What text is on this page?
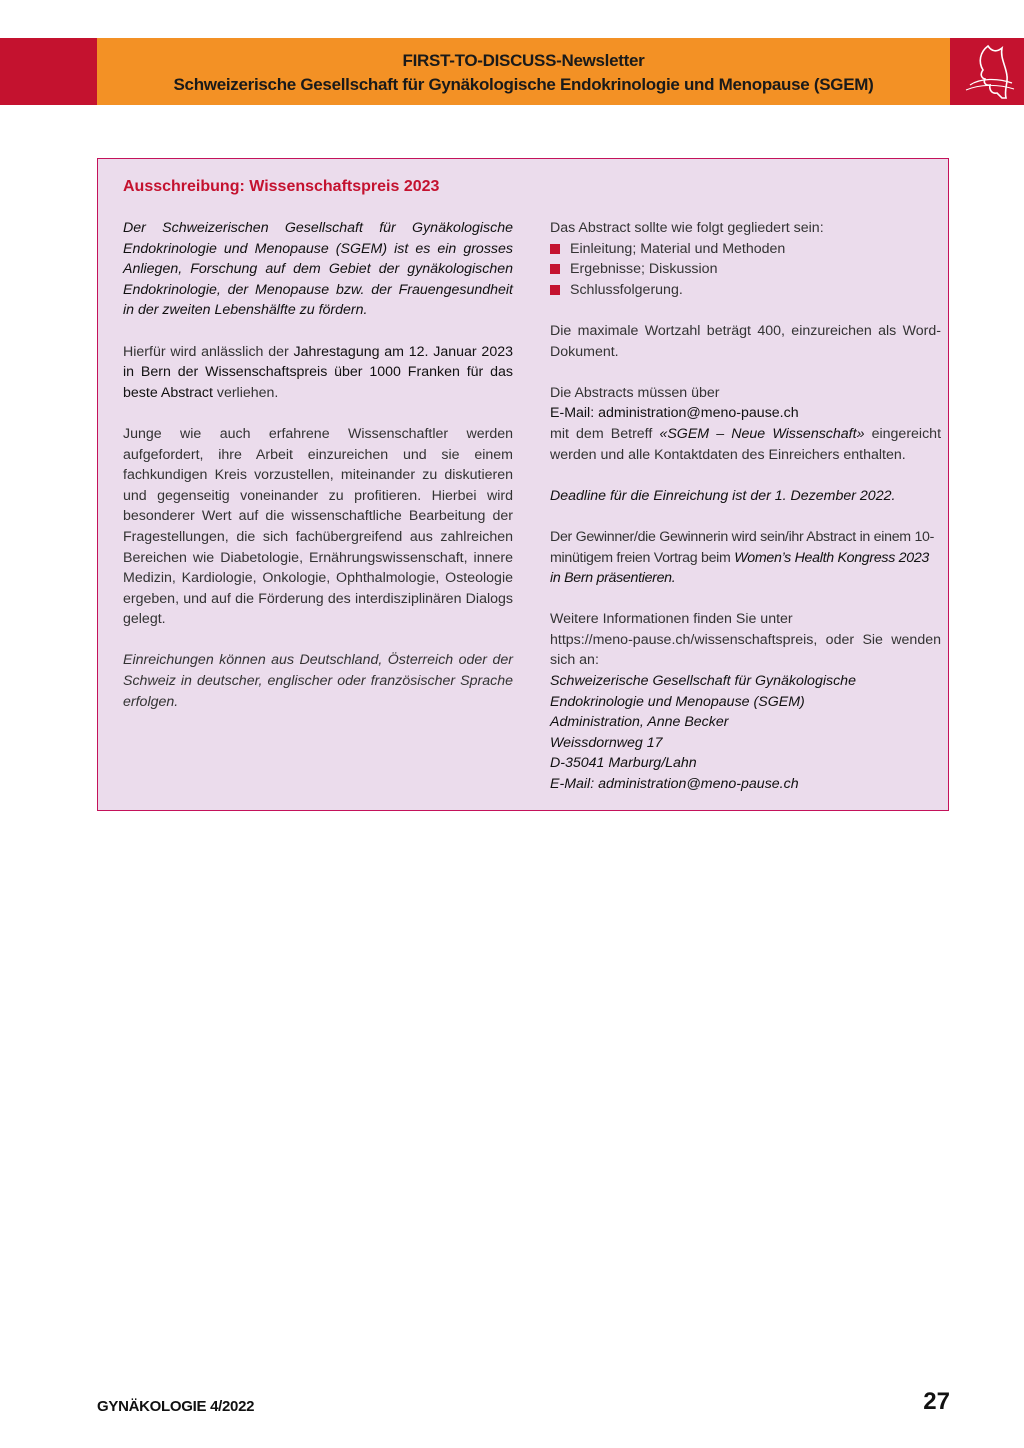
FIRST-TO-DISCUSS-Newsletter
Schweizerische Gesellschaft für Gynäkologische Endokrinologie und Menopause (SGEM)
Ausschreibung: Wissenschaftspreis 2023

Der Schweizerischen Gesellschaft für Gynäkologische Endokrinologie und Menopause (SGEM) ist es ein grosses Anliegen, Forschung auf dem Gebiet der gynäkologischen Endokrinologie, der Menopause bzw. der Frauengesundheit in der zweiten Lebenshälfte zu fördern.

Hierfür wird anlässlich der Jahrestagung am 12. Januar 2023 in Bern der Wissenschaftspreis über 1000 Franken für das beste Abstract verliehen.

Junge wie auch erfahrene Wissenschaftler werden aufgefordert, ihre Arbeit einzureichen und sie einem fachkundigen Kreis vorzustellen, miteinander zu diskutieren und gegenseitig voneinander zu profitieren. Hierbei wird besonderer Wert auf die wissenschaftliche Bearbeitung der Fragestellungen, die sich fachübergreifend aus zahlreichen Bereichen wie Diabetologie, Ernährungswissenschaft, innere Medizin, Kardiologie, Onkologie, Ophthalmologie, Osteologie ergeben, und auf die Förderung des interdisziplinären Dialogs gelegt.

Einreichungen können aus Deutschland, Österreich oder der Schweiz in deutscher, englischer oder französischer Sprache erfolgen.

Das Abstract sollte wie folgt gegliedert sein:
Einleitung; Material und Methoden
Ergebnisse; Diskussion
Schlussfolgerung.

Die maximale Wortzahl beträgt 400, einzureichen als Word-Dokument.

Die Abstracts müssen über
E-Mail: administration@meno-pause.ch

mit dem Betreff «SGEM – Neue Wissenschaft» eingereicht werden und alle Kontaktdaten des Einreichers enthalten.

Deadline für die Einreichung ist der 1. Dezember 2022.

Der Gewinner/die Gewinnerin wird sein/ihr Abstract in einem 10-minütigem freien Vortrag beim Women’s Health Kongress 2023 in Bern präsentieren.

Weitere Informationen finden Sie unter
https://meno-pause.ch/wissenschaftspreis, oder Sie wenden sich an:
Schweizerische Gesellschaft für Gynäkologische
Endokrinologie und Menopause (SGEM)
Administration, Anne Becker
Weissdornweg 17
D-35041 Marburg/Lahn
E-Mail: administration@meno-pause.ch
GYNÄKOLOGIE 4/2022	27
